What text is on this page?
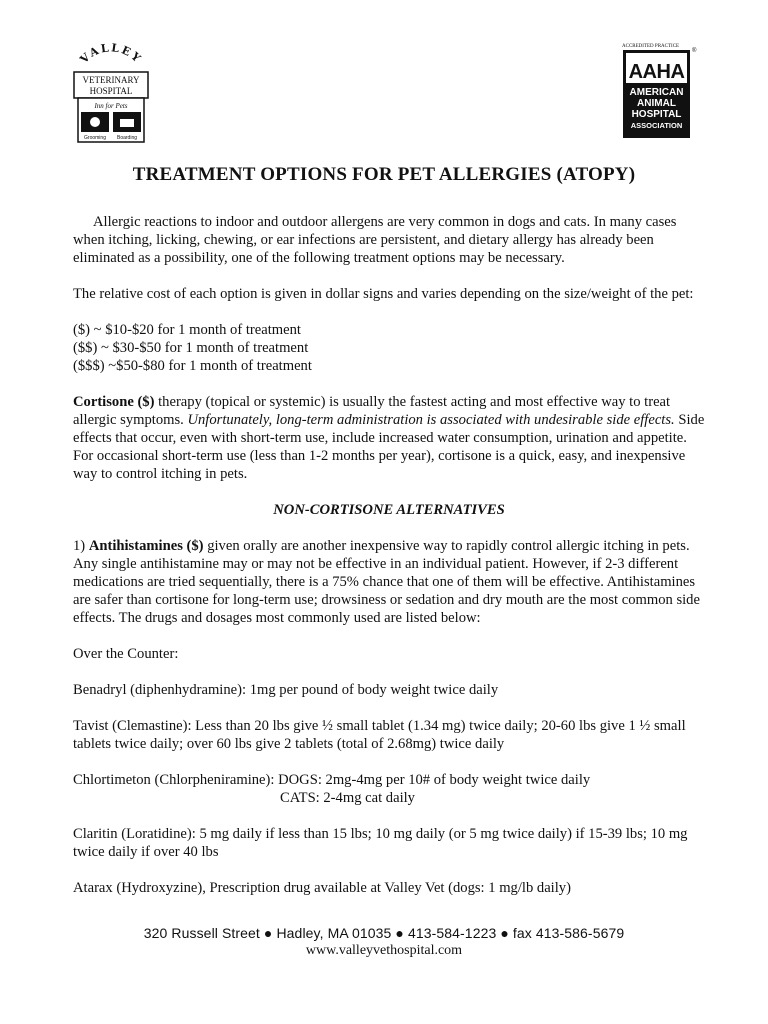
VALLEY
VETERINARY
HOSPITAL
Inn for Pets
Grooming Boarding
ACCREDITED PRACTICE
®
AAHA
AMERICAN
ANIMAL
HOSPITAL
ASSOCIATION
TREATMENT OPTIONS FOR PET ALLERGIES (ATOPY)

Allergic reactions to indoor and outdoor allergens are very common in dogs and cats. In many cases when itching, licking, chewing, or ear infections are persistent, and dietary allergy has already been eliminated as a possibility, one of the following treatment options may be necessary.

The relative cost of each option is given in dollar signs and varies depending on the size/weight of the pet:

($) ~ $10-$20 for 1 month of treatment

($$) ~ $30-$50 for 1 month of treatment

($$$) ~$50-$80 for 1 month of treatment

Cortisone ($) therapy (topical or systemic) is usually the fastest acting and most effective way to treat allergic symptoms. Unfortunately, long-term administration is associated with undesirable side effects. Side effects that occur, even with short-term use, include increased water consumption, urination and appetite. For occasional short-term use (less than 1-2 months per year), cortisone is a quick, easy, and inexpensive way to control itching in pets.

NON-CORTISONE ALTERNATIVES

1) Antihistamines ($) given orally are another inexpensive way to rapidly control allergic itching in pets. Any single antihistamine may or may not be effective in an individual patient. However, if 2-3 different medications are tried sequentially, there is a 75% chance that one of them will be effective. Antihistamines are safer than cortisone for long-term use; drowsiness or sedation and dry mouth are the most common side effects. The drugs and dosages most commonly used are listed below:

Over the Counter:

Benadryl (diphenhydramine): 1mg per pound of body weight twice daily

Tavist (Clemastine): Less than 20 lbs give ½ small tablet (1.34 mg) twice daily; 20-60 lbs give 1 ½ small tablets twice daily; over 60 lbs give 2 tablets (total of 2.68mg) twice daily

Chlortimeton (Chlorpheniramine): DOGS: 2mg-4mg per 10# of body weight twice daily

CATS: 2-4mg cat daily

Claritin (Loratidine): 5 mg daily if less than 15 lbs; 10 mg daily (or 5 mg twice daily) if 15-39 lbs; 10 mg twice daily if over 40 lbs

Atarax (Hydroxyzine), Prescription drug available at Valley Vet (dogs: 1 mg/lb daily)

320 Russell Street ● Hadley, MA 01035 ● 413-584-1223 ● fax 413-586-5679
www.valleyvethospital.com
